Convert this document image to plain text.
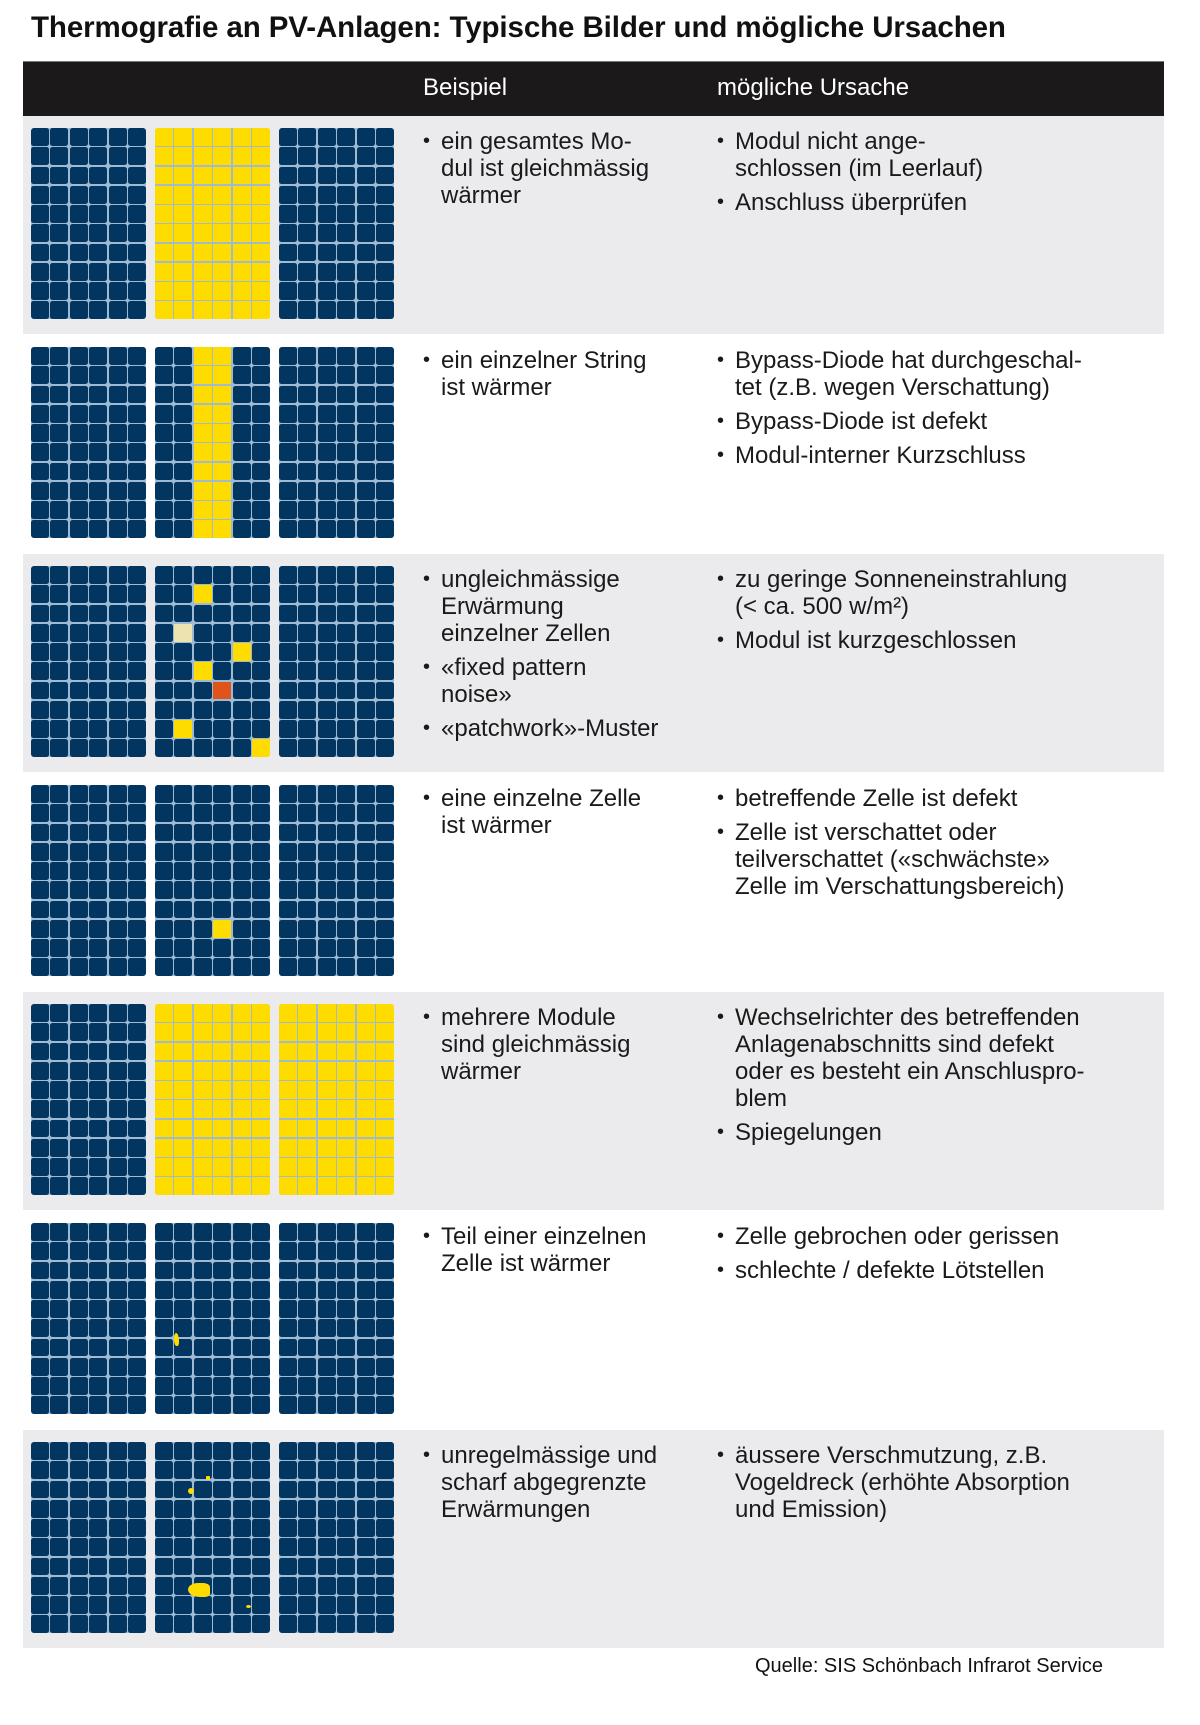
Thermografie an PV-Anlagen: Typische Bilder und mögliche Ursachen
Beispiel	mögliche Ursache
• ein gesamtes Mo-
dul ist gleichmässig
wärmer
• Modul nicht ange-
schlossen (im Leerlauf)
• Anschluss überprüfen
• ein einzelner String
ist wärmer
• Bypass-Diode hat durchgeschal-
tet (z.B. wegen Verschattung)
• Bypass-Diode ist defekt
• Modul-interner Kurzschluss
• ungleichmässige
Erwärmung
einzelner Zellen
• «fixed pattern
noise»
• «patchwork»-Muster
• zu geringe Sonneneinstrahlung
(< ca. 500 w/m²)
• Modul ist kurzgeschlossen
• eine einzelne Zelle
ist wärmer
• betreffende Zelle ist defekt
• Zelle ist verschattet oder
teilverschattet («schwächste»
Zelle im Verschattungsbereich)
• mehrere Module
sind gleichmässig
wärmer
• Wechselrichter des betreffenden
Anlagenabschnitts sind defekt
oder es besteht ein Anschluspro-
blem
• Spiegelungen
• Teil einer einzelnen
Zelle ist wärmer
• Zelle gebrochen oder gerissen
• schlechte / defekte Lötstellen
• unregelmässige und
scharf abgegrenzte
Erwärmungen
• äussere Verschmutzung, z.B.
Vogeldreck (erhöhte Absorption
und Emission)
Quelle: SIS Schönbach Infrarot Service
